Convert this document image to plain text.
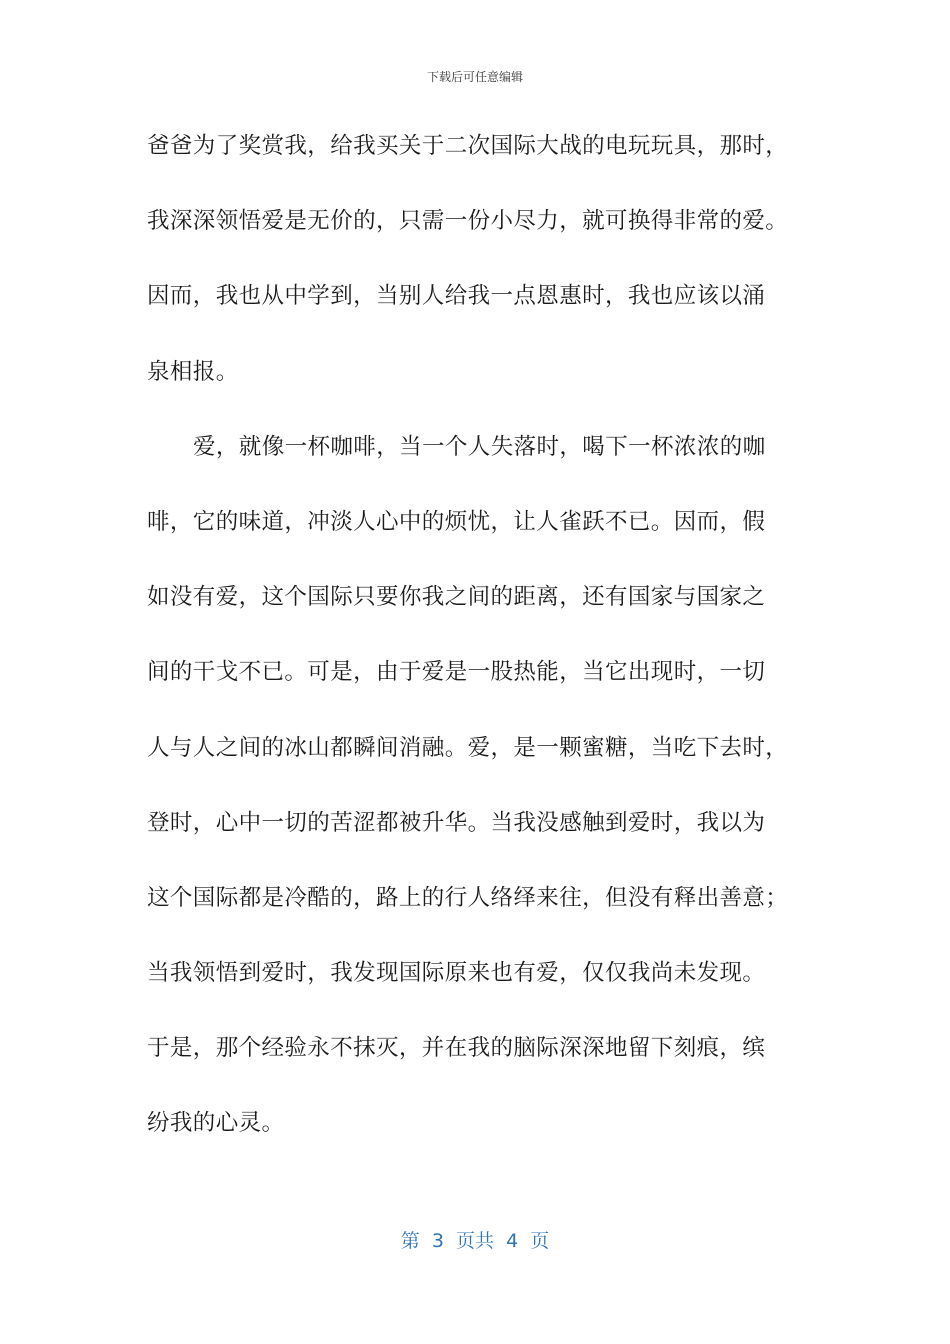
下载后可任意编辑
爸爸为了奖赏我，给我买关于二次国际大战的电玩玩具，那时，
我深深领悟爱是无价的，只需一份小尽力，就可换得非常的爱。
因而，我也从中学到，当别人给我一点恩惠时，我也应该以涌
泉相报。
爱，就像一杯咖啡，当一个人失落时，喝下一杯浓浓的咖
啡，它的味道，冲淡人心中的烦忧，让人雀跃不已。因而，假
如没有爱，这个国际只要你我之间的距离，还有国家与国家之
间的干戈不已。可是，由于爱是一股热能，当它出现时，一切
人与人之间的冰山都瞬间消融。爱，是一颗蜜糖，当吃下去时，
登时，心中一切的苦涩都被升华。当我没感触到爱时，我以为
这个国际都是冷酷的，路上的行人络绎来往，但没有释出善意；
当我领悟到爱时，我发现国际原来也有爱，仅仅我尚未发现。
于是，那个经验永不抹灭，并在我的脑际深深地留下刻痕，缤
纷我的心灵。
第  3  页共  4  页
